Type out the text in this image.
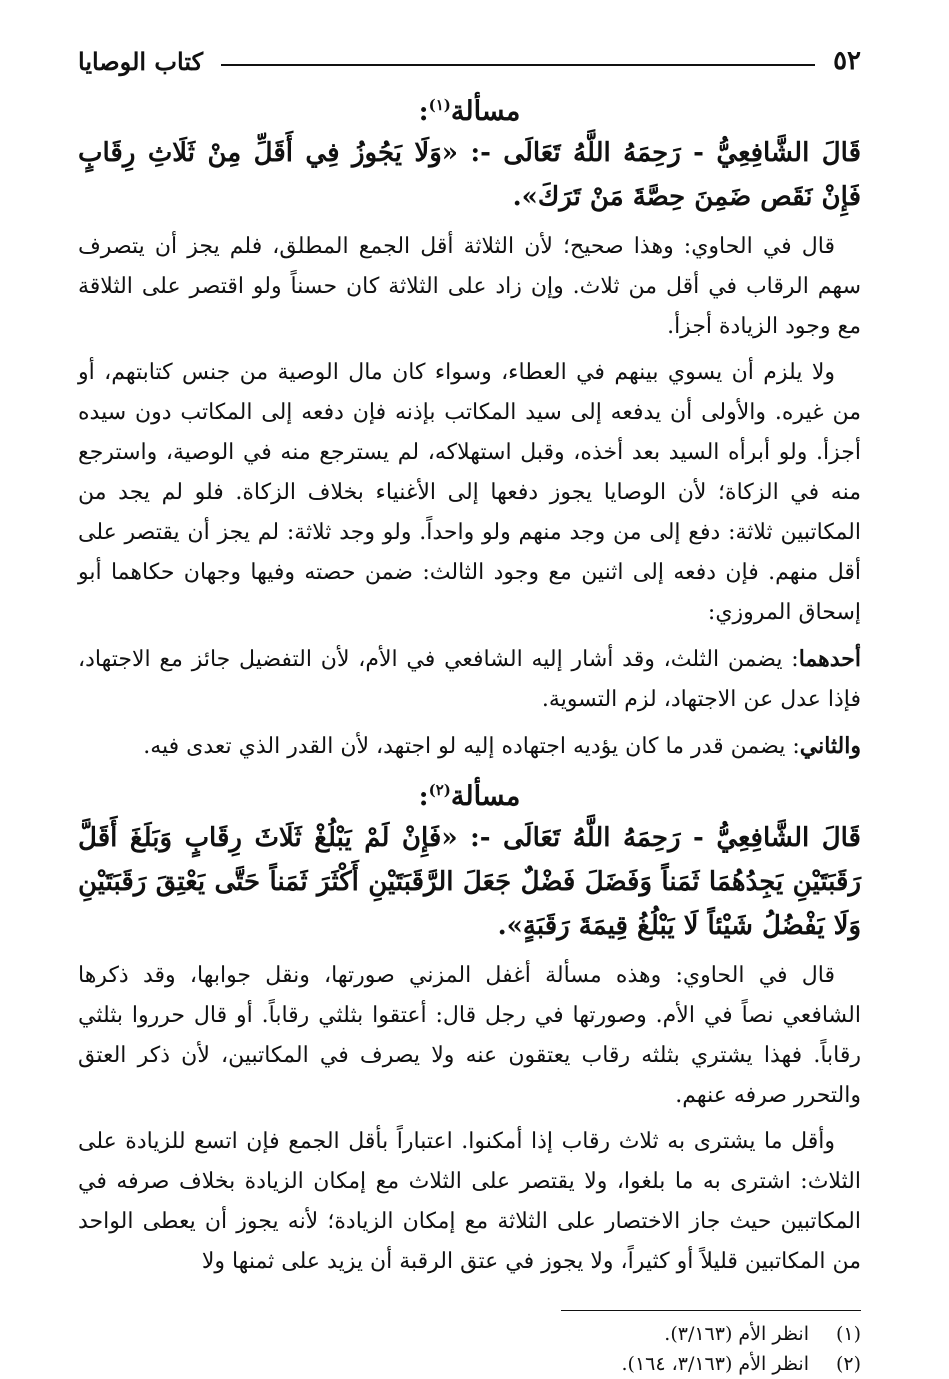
٥٢
كتاب الوصايا
مسألة$^{(١)}$:

قَالَ الشَّافِعِيُّ - رَحِمَهُ اللَّهُ تَعَالَى -: «وَلَا يَجُوزُ فِي أَقَلِّ مِنْ ثَلَاثِ رِقَابٍ فَإِنْ نَقَص ضَمِنَ حِصَّةَ مَنْ تَرَكَ».

قال في الحاوي: وهذا صحيح؛ لأن الثلاثة أقل الجمع المطلق، فلم يجز أن يتصرف سهم الرقاب في أقل من ثلاث. وإن زاد على الثلاثة كان حسناً ولو اقتصر على الثلاقة مع وجود الزيادة أجزأ.

ولا يلزم أن يسوي بينهم في العطاء، وسواء كان مال الوصية من جنس كتابتهم، أو من غيره. والأولى أن يدفعه إلى سيد المكاتب بإذنه فإن دفعه إلى المكاتب دون سيده أجزأ. ولو أبرأه السيد بعد أخذه، وقبل استهلاكه، لم يسترجع منه في الوصية، واسترجع منه في الزكاة؛ لأن الوصايا يجوز دفعها إلى الأغنياء بخلاف الزكاة. فلو لم يجد من المكاتبين ثلاثة: دفع إلى من وجد منهم ولو واحداً. ولو وجد ثلاثة: لم يجز أن يقتصر على أقل منهم. فإن دفعه إلى اثنين مع وجود الثالث: ضمن حصته وفيها وجهان حكاهما أبو إسحاق المروزي:

أحدهما: يضمن الثلث، وقد أشار إليه الشافعي في الأم، لأن التفضيل جائز مع الاجتهاد، فإذا عدل عن الاجتهاد، لزم التسوية.

والثاني: يضمن قدر ما كان يؤديه اجتهاده إليه لو اجتهد، لأن القدر الذي تعدى فيه.

مسألة$^{(٢)}$:

قَالَ الشَّافِعِيُّ - رَحِمَهُ اللَّهُ تَعَالَى -: «فَإِنْ لَمْ يَبْلُغْ ثَلَاثَ رِقَابٍ وَبَلَغَ أَقَلَّ رَقَبَتَيْنِ يَجِدُهُمَا ثَمَناً وَفَضَلَ فَضْلٌ جَعَلَ الرَّقَبَتَيْنِ أَكْثَرَ ثَمَناً حَتَّى يَعْتِقَ رَقَبَتَيْنِ وَلَا يَفْضُلُ شَيْئاً لَا يَبْلُغُ قِيمَةَ رَقَبَةٍ».

قال في الحاوي: وهذه مسألة أغفل المزني صورتها، ونقل جوابها، وقد ذكرها الشافعي نصاً في الأم. وصورتها في رجل قال: أعتقوا بثلثي رقاباً. أو قال حرروا بثلثي رقاباً. فهذا يشتري بثلثه رقاب يعتقون عنه ولا يصرف في المكاتبين، لأن ذكر العتق والتحرر صرفه عنهم.

وأقل ما يشترى به ثلاث رقاب إذا أمكنوا. اعتباراً بأقل الجمع فإن اتسع للزيادة على الثلاث: اشترى به ما بلغوا، ولا يقتصر على الثلاث مع إمكان الزيادة بخلاف صرفه في المكاتبين حيث جاز الاختصار على الثلاثة مع إمكان الزيادة؛ لأنه يجوز أن يعطى الواحد من المكاتبين قليلاً أو كثيراً، ولا يجوز في عتق الرقبة أن يزيد على ثمنها ولا

(١)
انظر الأم (٣/١٦٣).
(٢)
انظر الأم (٣/١٦٣، ١٦٤).
